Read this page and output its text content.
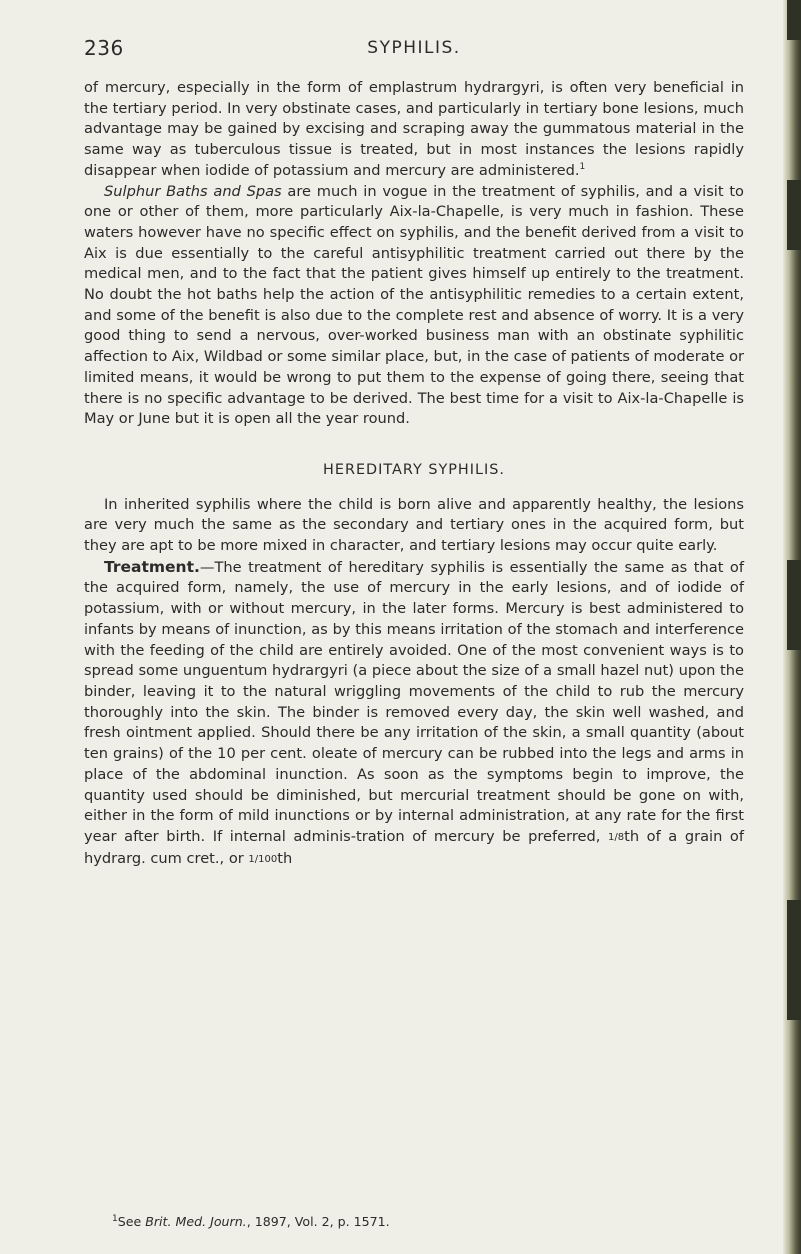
236	SYPHILIS.

of mercury, especially in the form of emplastrum hydrargyri, is often very beneficial in the tertiary period. In very obstinate cases, and particularly in tertiary bone lesions, much advantage may be gained by excising and scraping away the gummatous material in the same way as tuberculous tissue is treated, but in most instances the lesions rapidly disappear when iodide of potassium and mercury are administered.$^1$

Sulphur Baths and Spas are much in vogue in the treatment of syphilis, and a visit to one or other of them, more particularly Aix-la-Chapelle, is very much in fashion. These waters however have no specific effect on syphilis, and the benefit derived from a visit to Aix is due essentially to the careful antisyphilitic treatment carried out there by the medical men, and to the fact that the patient gives himself up entirely to the treatment. No doubt the hot baths help the action of the antisyphilitic remedies to a certain extent, and some of the benefit is also due to the complete rest and absence of worry. It is a very good thing to send a nervous, over-worked business man with an obstinate syphilitic affection to Aix, Wildbad or some similar place, but, in the case of patients of moderate or limited means, it would be wrong to put them to the expense of going there, seeing that there is no specific advantage to be derived. The best time for a visit to Aix-la-Chapelle is May or June but it is open all the year round.

HEREDITARY SYPHILIS.

In inherited syphilis where the child is born alive and apparently healthy, the lesions are very much the same as the secondary and tertiary ones in the acquired form, but they are apt to be more mixed in character, and tertiary lesions may occur quite early.

Treatment.—The treatment of hereditary syphilis is essentially the same as that of the acquired form, namely, the use of mercury in the early lesions, and of iodide of potassium, with or without mercury, in the later forms. Mercury is best administered to infants by means of inunction, as by this means irritation of the stomach and interference with the feeding of the child are entirely avoided. One of the most convenient ways is to spread some unguentum hydrargyri (a piece about the size of a small hazel nut) upon the binder, leaving it to the natural wriggling movements of the child to rub the mercury thoroughly into the skin. The binder is removed every day, the skin well washed, and fresh ointment applied. Should there be any irritation of the skin, a small quantity (about ten grains) of the 10 per cent. oleate of mercury can be rubbed into the legs and arms in place of the abdominal inunction. As soon as the symptoms begin to improve, the quantity used should be diminished, but mercurial treatment should be gone on with, either in the form of mild inunctions or by internal administration, at any rate for the first year after birth. If internal adminis-tration of mercury be preferred, 1/8th of a grain of hydrarg. cum cret., or 1/100th

$^1$See Brit. Med. Journ., 1897, Vol. 2, p. 1571.
